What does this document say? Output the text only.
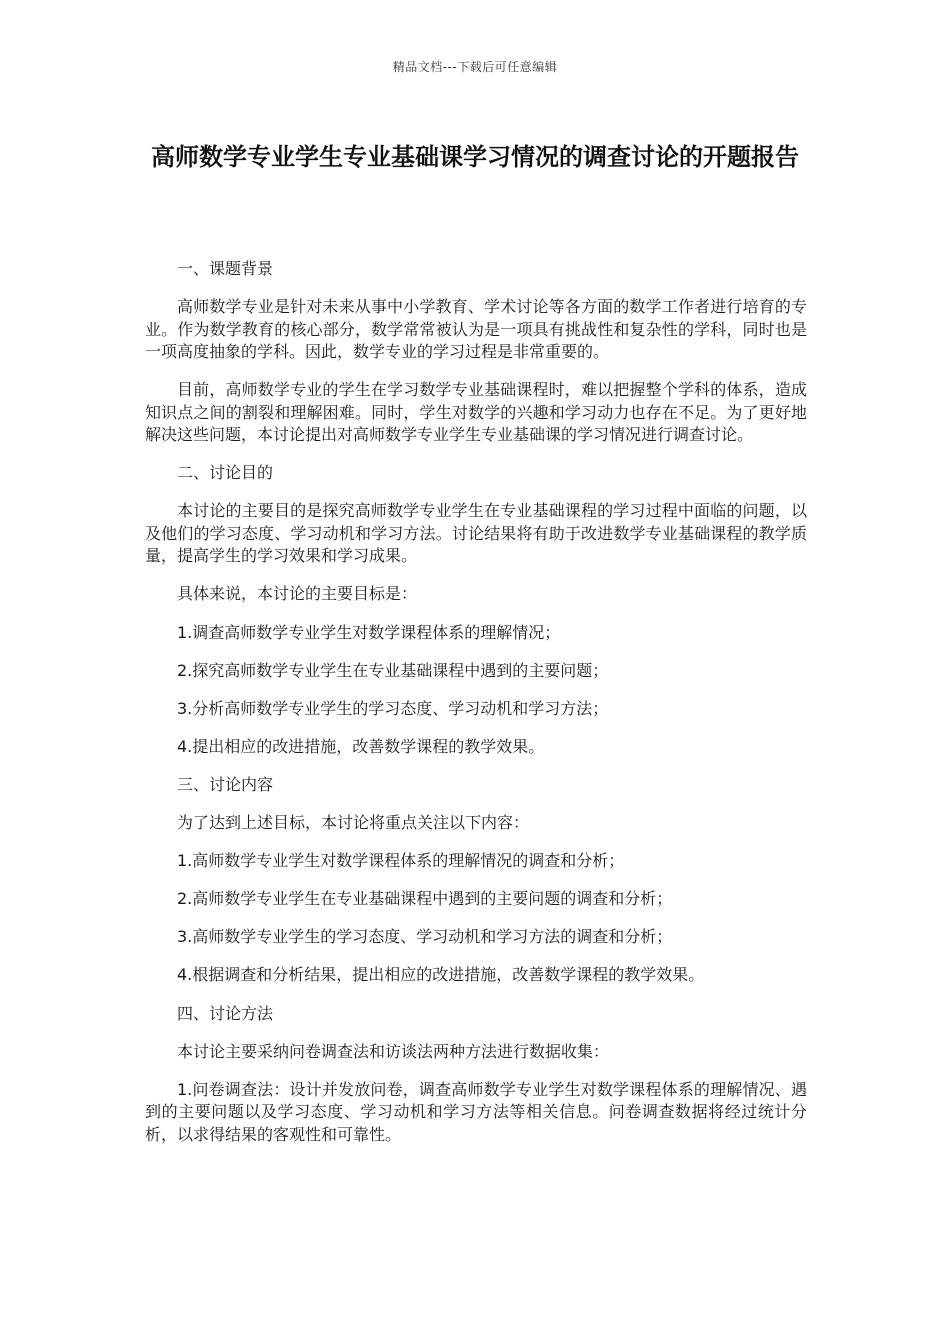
精品文档---下载后可任意编辑
高师数学专业学生专业基础课学习情况的调查讨论的开题报告

一、课题背景

高师数学专业是针对未来从事中小学教育、学术讨论等各方面的数学工作者进行培育的专业。作为数学教育的核心部分，数学常常被认为是一项具有挑战性和复杂性的学科，同时也是一项高度抽象的学科。因此，数学专业的学习过程是非常重要的。

目前，高师数学专业的学生在学习数学专业基础课程时，难以把握整个学科的体系，造成知识点之间的割裂和理解困难。同时，学生对数学的兴趣和学习动力也存在不足。为了更好地解决这些问题，本讨论提出对高师数学专业学生专业基础课的学习情况进行调查讨论。

二、讨论目的

本讨论的主要目的是探究高师数学专业学生在专业基础课程的学习过程中面临的问题，以及他们的学习态度、学习动机和学习方法。讨论结果将有助于改进数学专业基础课程的教学质量，提高学生的学习效果和学习成果。

具体来说，本讨论的主要目标是：

1.调查高师数学专业学生对数学课程体系的理解情况；

2.探究高师数学专业学生在专业基础课程中遇到的主要问题；

3.分析高师数学专业学生的学习态度、学习动机和学习方法；

4.提出相应的改进措施，改善数学课程的教学效果。

三、讨论内容

为了达到上述目标，本讨论将重点关注以下内容：

1.高师数学专业学生对数学课程体系的理解情况的调查和分析；

2.高师数学专业学生在专业基础课程中遇到的主要问题的调查和分析；

3.高师数学专业学生的学习态度、学习动机和学习方法的调查和分析；

4.根据调查和分析结果，提出相应的改进措施，改善数学课程的教学效果。

四、讨论方法

本讨论主要采纳问卷调查法和访谈法两种方法进行数据收集：

1.问卷调查法：设计并发放问卷，调查高师数学专业学生对数学课程体系的理解情况、遇到的主要问题以及学习态度、学习动机和学习方法等相关信息。问卷调查数据将经过统计分析，以求得结果的客观性和可靠性。
